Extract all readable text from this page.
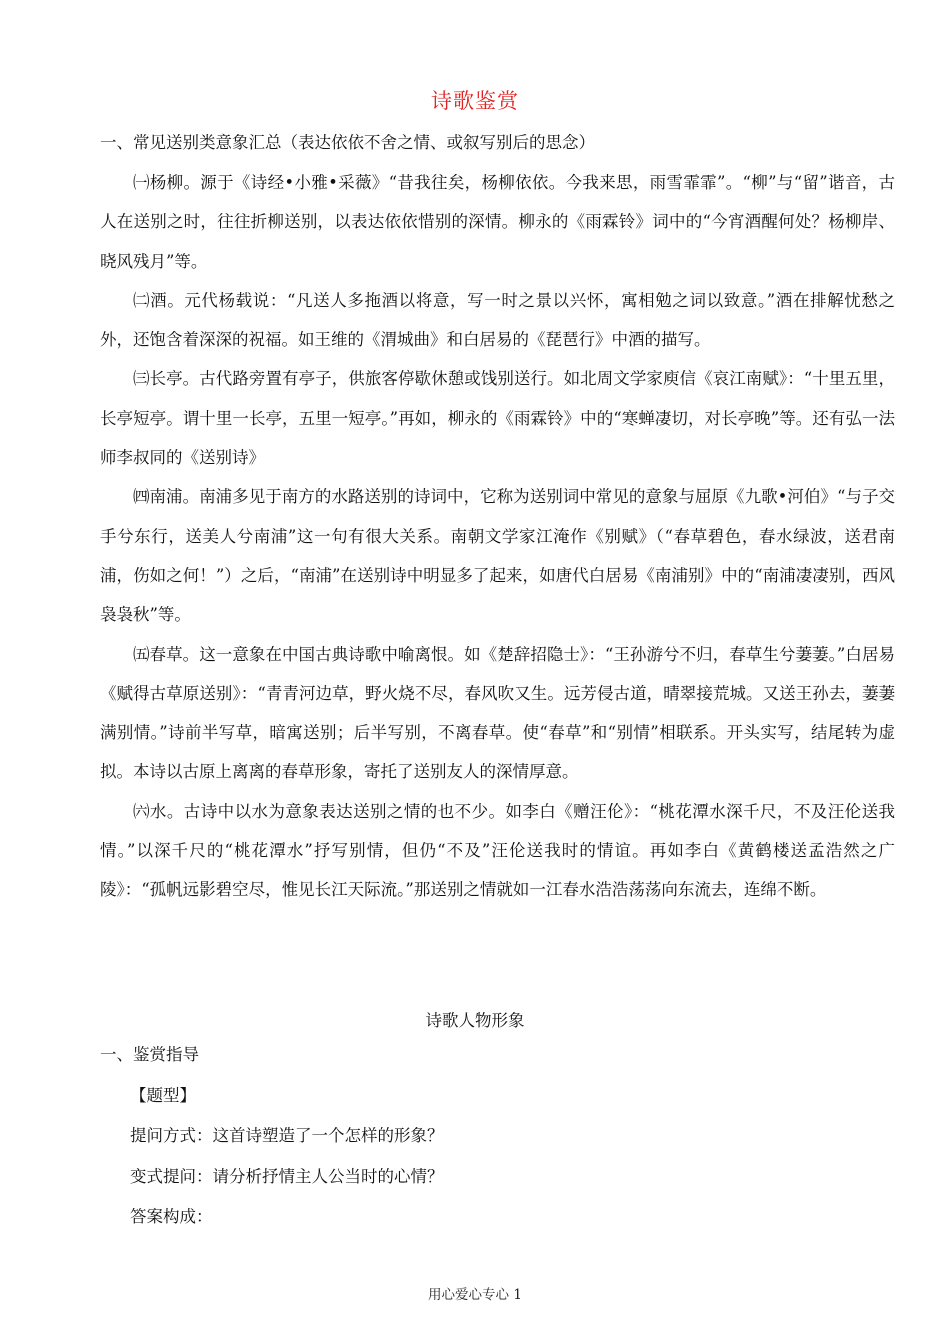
诗歌鉴赏
一、常见送别类意象汇总（表达依依不舍之情、或叙写别后的思念）

㈠杨柳。源于《诗经•小雅•采薇》“昔我往矣，杨柳依依。今我来思，雨雪霏霏”。“柳”与“留”谐音，古人在送别之时，往往折柳送别，以表达依依惜别的深情。柳永的《雨霖铃》词中的“今宵酒醒何处？杨柳岸、晓风残月”等。

㈡酒。元代杨载说：“凡送人多拖酒以将意，写一时之景以兴怀，寓相勉之词以致意。”酒在排解忧愁之外，还饱含着深深的祝福。如王维的《渭城曲》和白居易的《琵琶行》中酒的描写。

㈢长亭。古代路旁置有亭子，供旅客停歇休憩或饯别送行。如北周文学家庾信《哀江南赋》：“十里五里，长亭短亭。谓十里一长亭，五里一短亭。”再如，柳永的《雨霖铃》中的“寒蝉凄切，对长亭晚”等。还有弘一法师李叔同的《送别诗》

㈣南浦。南浦多见于南方的水路送别的诗词中，它称为送别词中常见的意象与屈原《九歌•河伯》“与子交手兮东行，送美人兮南浦”这一句有很大关系。南朝文学家江淹作《别赋》（“春草碧色，春水绿波，送君南浦，伤如之何！”）之后，“南浦”在送别诗中明显多了起来，如唐代白居易《南浦别》中的“南浦凄凄别，西风袅袅秋”等。

㈤春草。这一意象在中国古典诗歌中喻离恨。如《楚辞招隐士》：“王孙游兮不归，春草生兮萋萋。”白居易《赋得古草原送别》：“青青河边草，野火烧不尽，春风吹又生。远芳侵古道，晴翠接荒城。又送王孙去，萋萋满别情。”诗前半写草，暗寓送别；后半写别，不离春草。使“春草”和“别情”相联系。开头实写，结尾转为虚拟。本诗以古原上离离的春草形象，寄托了送别友人的深情厚意。

㈥水。古诗中以水为意象表达送别之情的也不少。如李白《赠汪伦》：“桃花潭水深千尺，不及汪伦送我情。”以深千尺的“桃花潭水”抒写别情，但仍“不及”汪伦送我时的情谊。再如李白《黄鹤楼送孟浩然之广陵》：“孤帆远影碧空尽，惟见长江天际流。”那送别之情就如一江春水浩浩荡荡向东流去，连绵不断。

诗歌人物形象
一、鉴赏指导
【题型】
提问方式：这首诗塑造了一个怎样的形象？
变式提问：请分析抒情主人公当时的心情？
答案构成：
用心爱心专心 1
